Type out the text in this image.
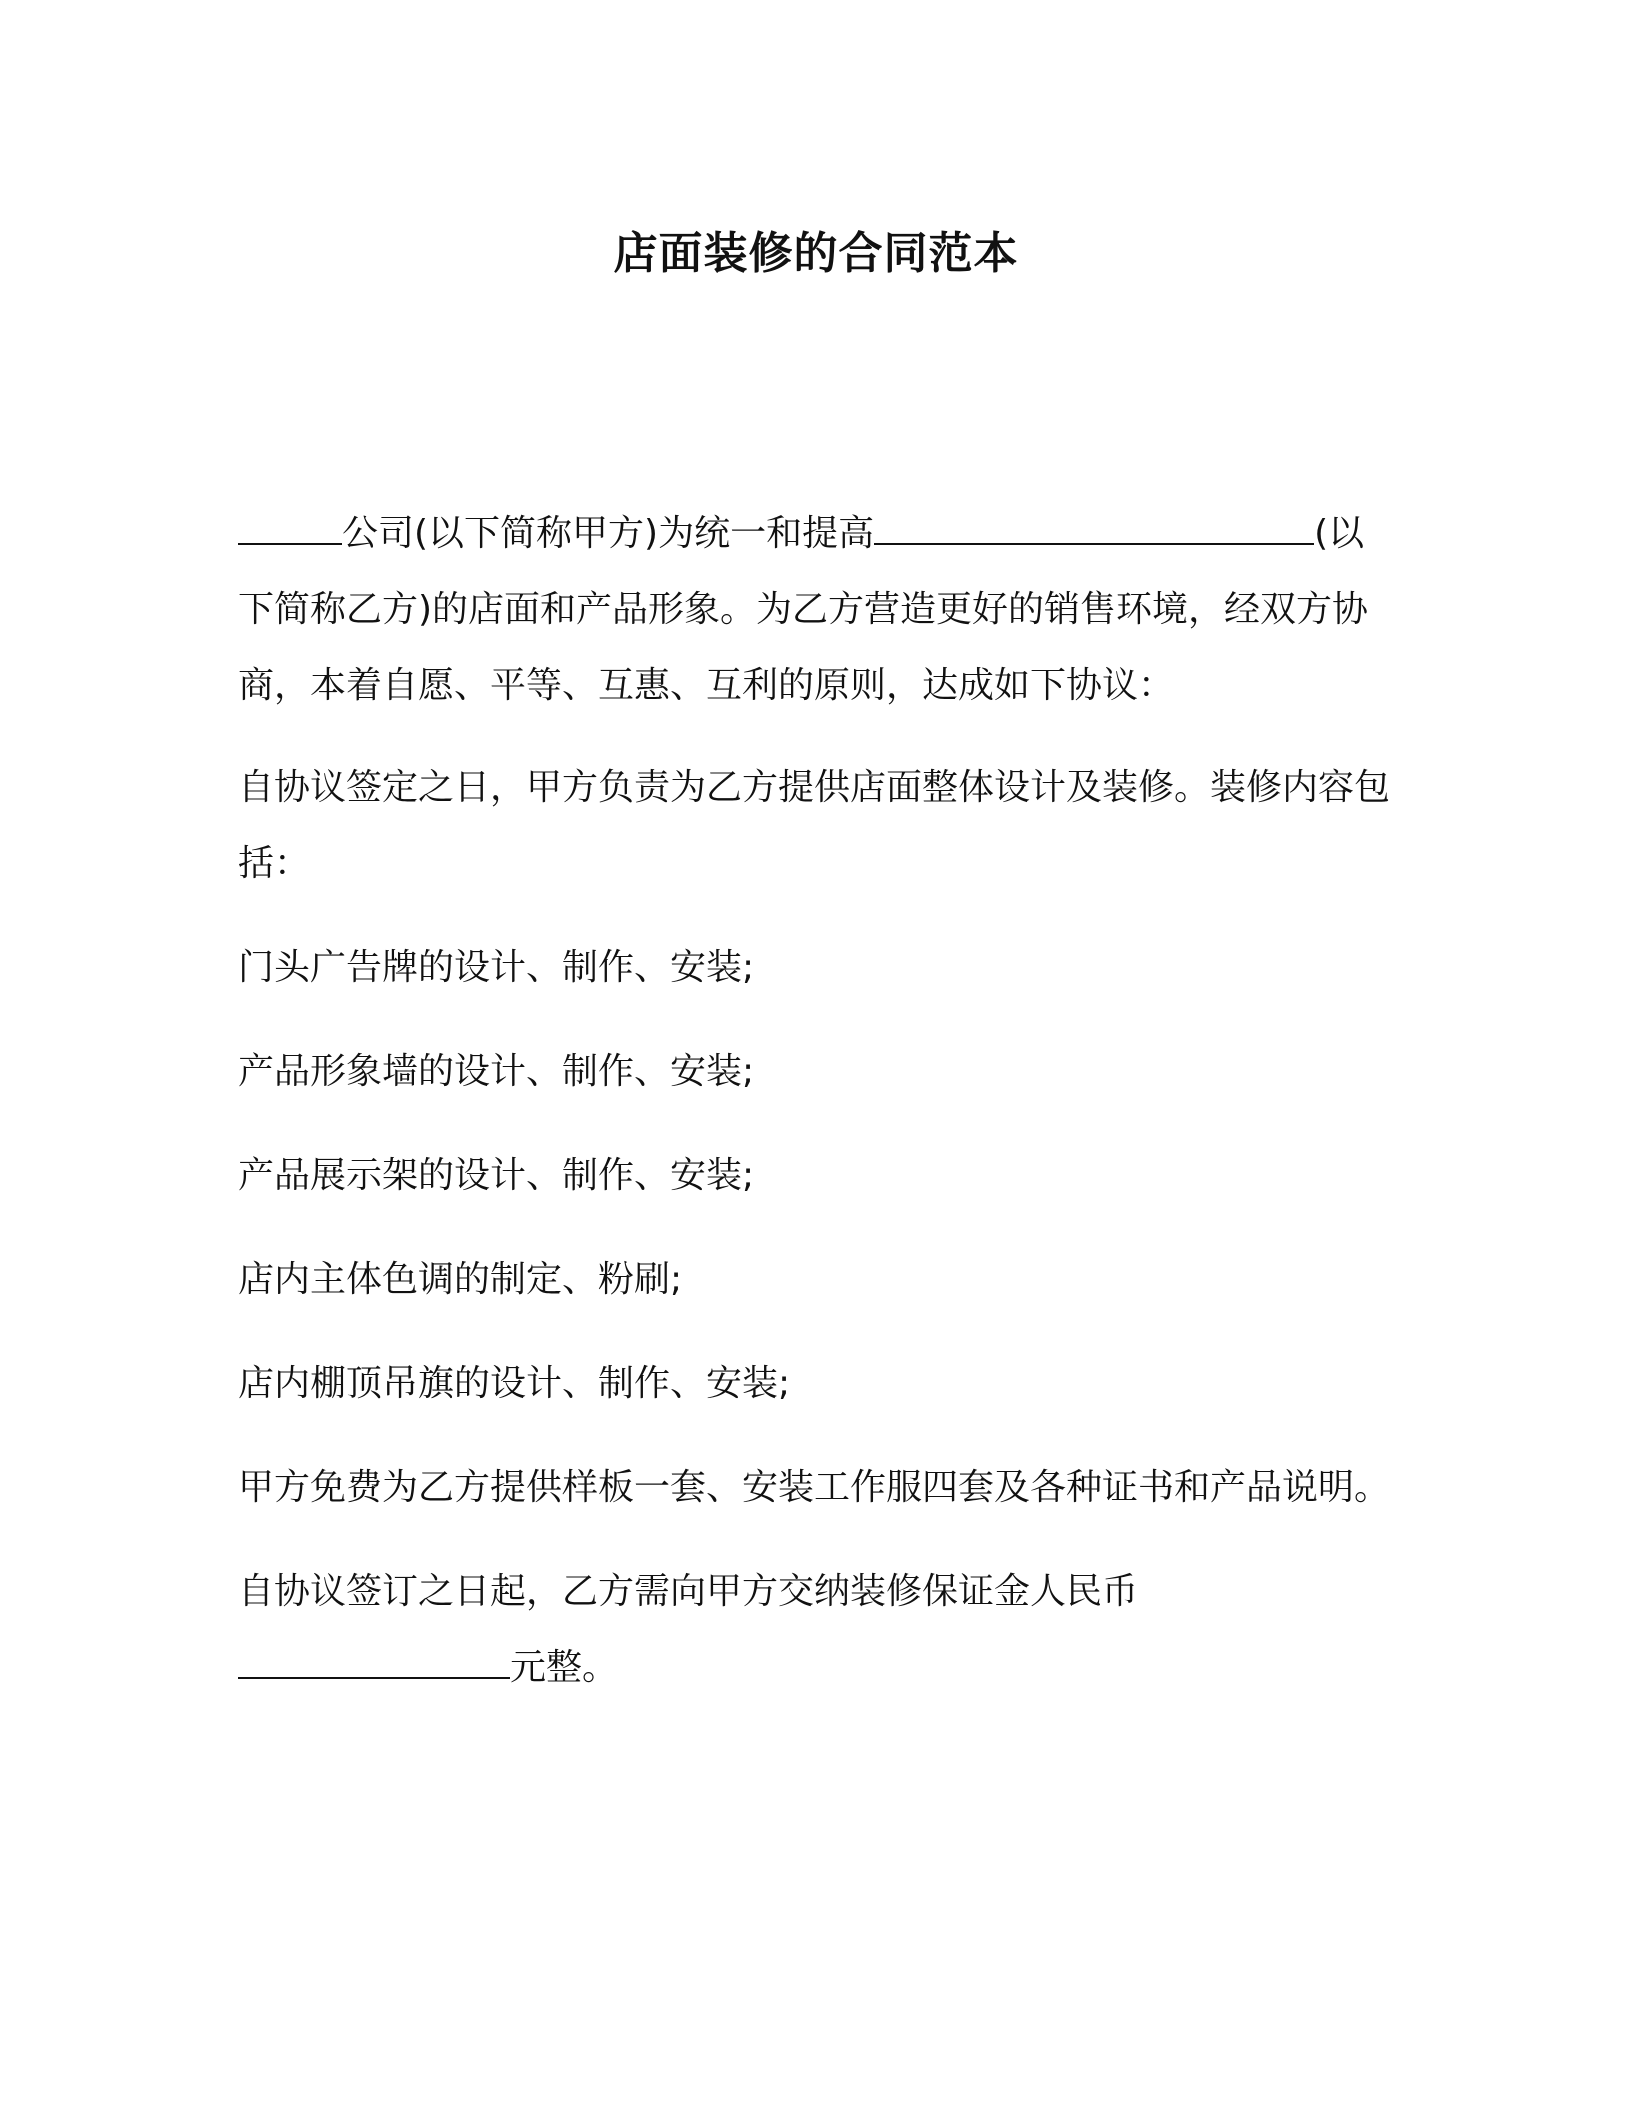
店面装修的合同范本

公司(以下简称甲方)为统一和提高	(以下简称乙方)的店面和产品形象。为乙方营造更好的销售环境，经双方协商，本着自愿、平等、互惠、互利的原则，达成如下协议：

自协议签定之日，甲方负责为乙方提供店面整体设计及装修。装修内容包括：

门头广告牌的设计、制作、安装;

产品形象墙的设计、制作、安装;

产品展示架的设计、制作、安装;

店内主体色调的制定、粉刷;

店内棚顶吊旗的设计、制作、安装;

甲方免费为乙方提供样板一套、安装工作服四套及各种证书和产品说明。

自协议签订之日起，乙方需向甲方交纳装修保证金人民币元整。
